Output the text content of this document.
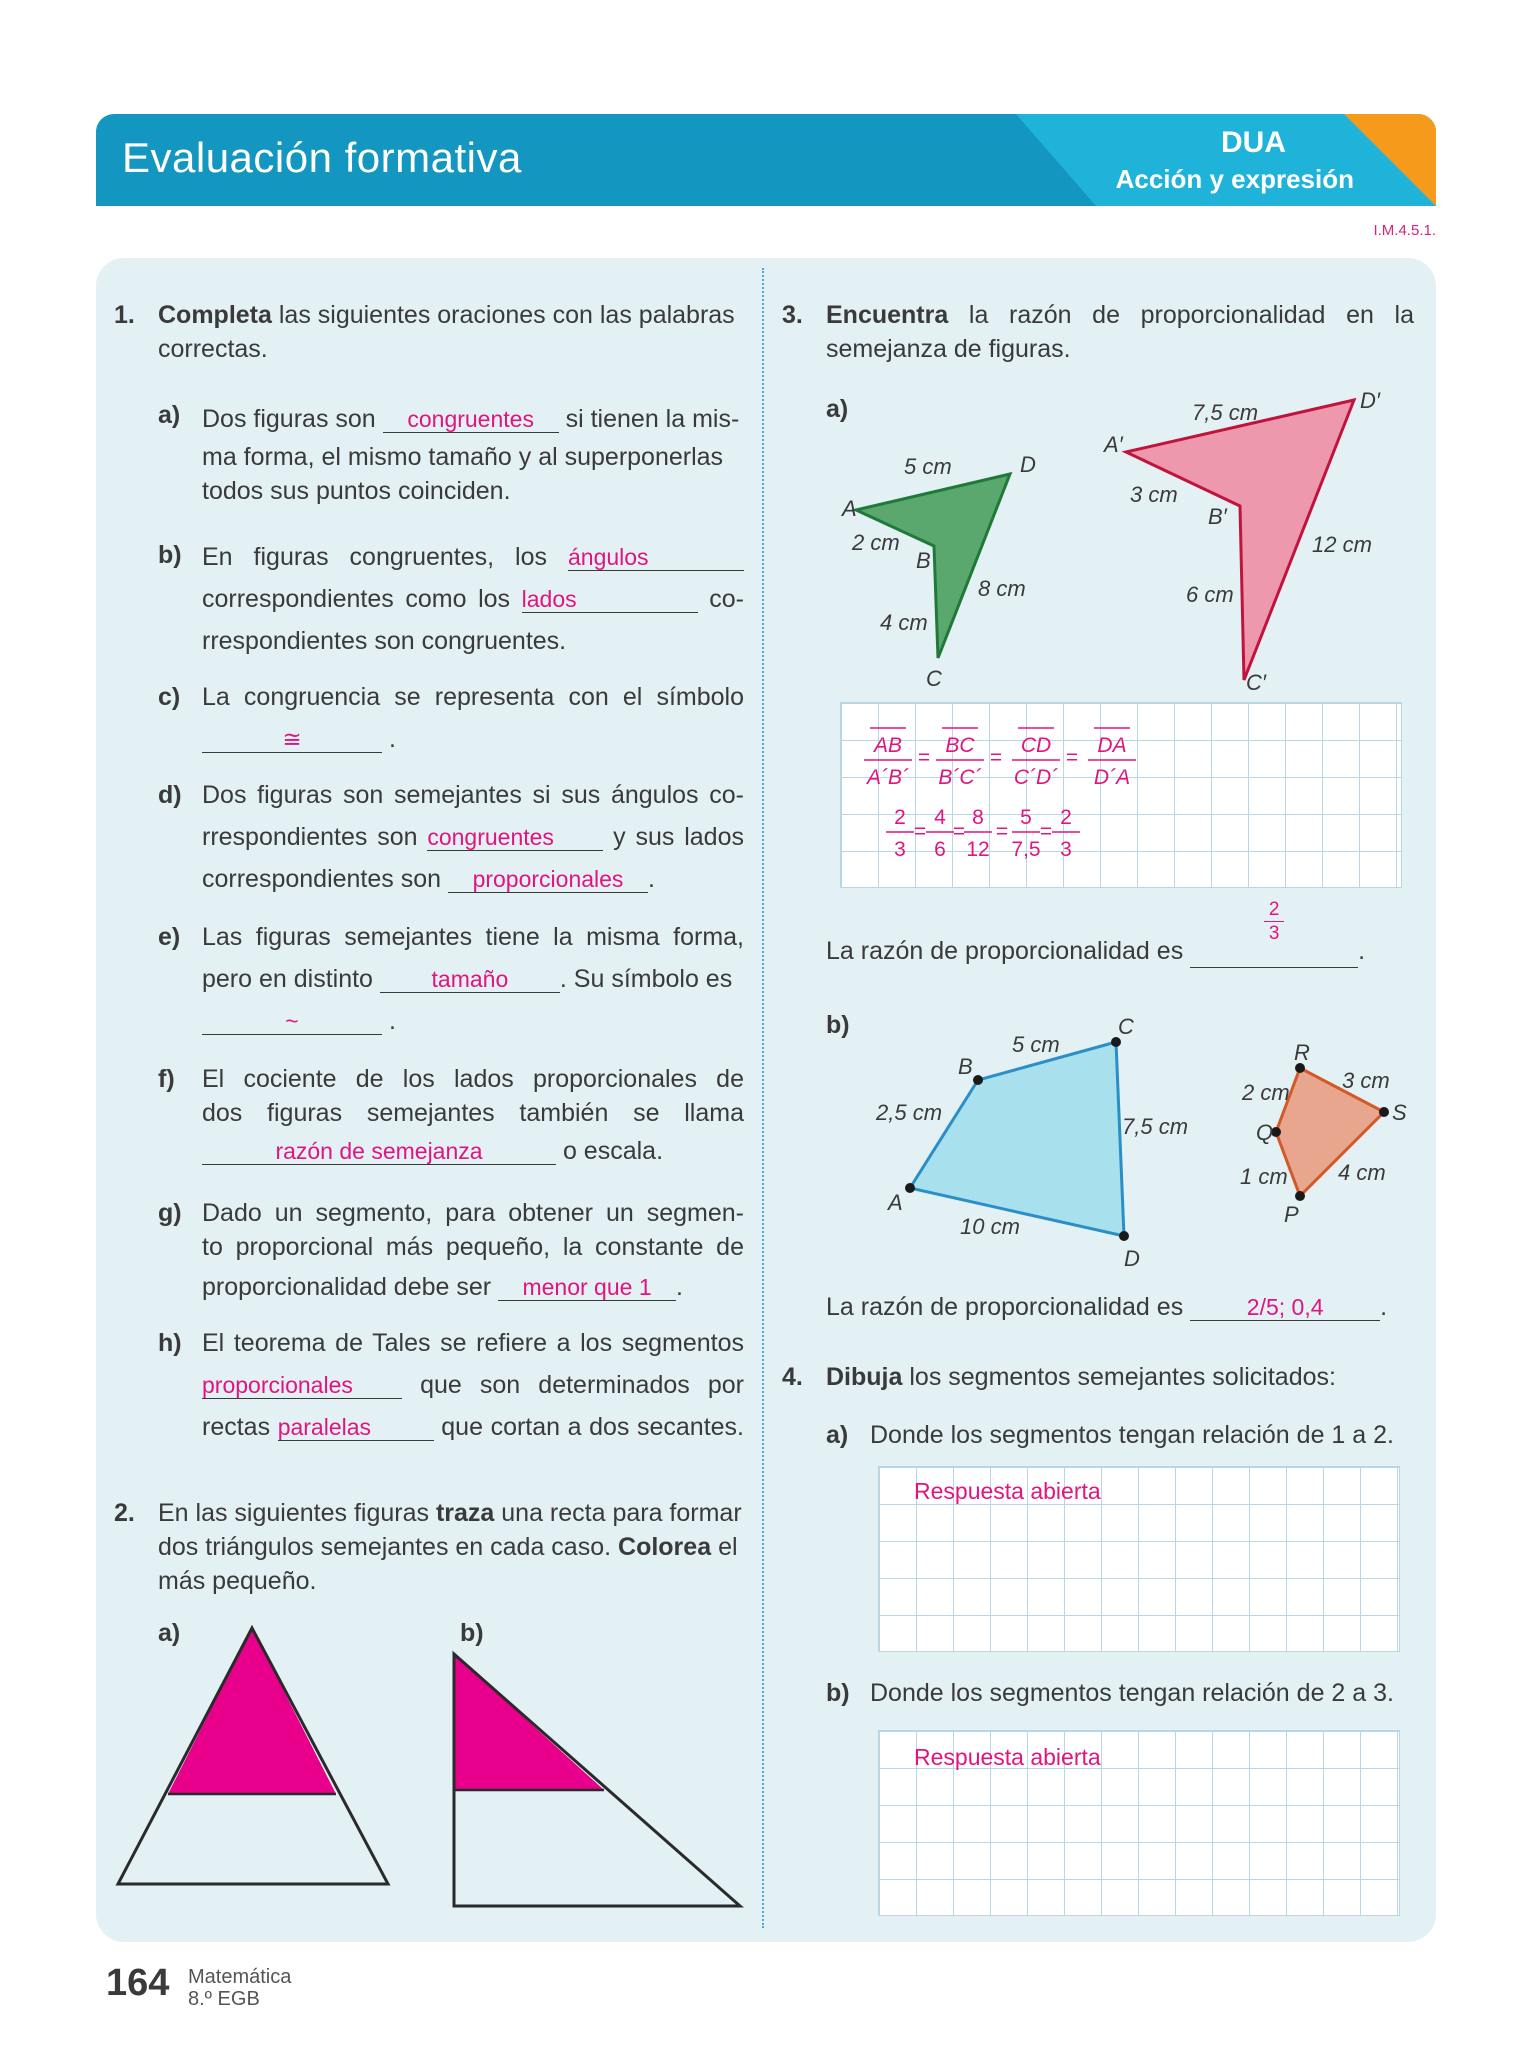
Evaluación formativa	DUA
Acción y expresión
I.M.4.5.1.
1. Completa las siguientes oraciones con las palabras correctas.
a) Dos figuras son congruentes si tienen la mis-
ma forma, el mismo tamaño y al superponerlas
todos sus puntos coinciden.
b) En figuras congruentes, los ángulos
correspondientes como los lados	co-
rrespondientes son congruentes.
c) La congruencia se representa con el símbolo
≅	.
d) Dos figuras son semejantes si sus ángulos co-
rrespondientes son congruentes y sus lados
correspondientes son proporcionales .
e) Las figuras semejantes tiene la misma forma,
pero en distinto	tamaño . Su símbolo es
~	.
f) El cociente de los lados proporcionales de
dos figuras semejantes también se llama
razón de semejanza	o escala.
g) Dado un segmento, para obtener un segmen-
to proporcional más pequeño, la constante de
proporcionalidad debe ser menor que 1 .
h) El teorema de Tales se refiere a los segmentos
proporcionales	que son determinados por
rectas paralelas	que cortan a dos secantes.
2. En las siguientes figuras traza una recta para formar dos triángulos semejantes en cada caso. Colorea el más pequeño.
a)	b)
3. Encuentra la razón de proporcionalidad en la
semejanza de figuras.
a)
A
B
C
D
5 cm
2 cm
4 cm
8 cm
A′
B′
C′
D′
7,5 cm
3 cm
6 cm
12 cm
AB
A´B´
=
BC
B´C´
=
CD
C´D´
=
DA
D´A
2
3
=
4
6
=
8
12
=
5
7,5
=
2
3
La razón de proporcionalidad es $\frac{2}{3}$ .
b)
A
B
C
D
2,5 cm
5 cm
7,5 cm
10 cm
R
S
P
Q
2 cm 3 cm
4 cm
1 cm
La razón de proporcionalidad es	2/5; 0,4 .
4. Dibuja los segmentos semejantes solicitados:
a) Donde los segmentos tengan relación de 1 a 2.
Respuesta abierta
b) Donde los segmentos tengan relación de 2 a 3.
Respuesta abierta
164 Matemática
8.º EGB
